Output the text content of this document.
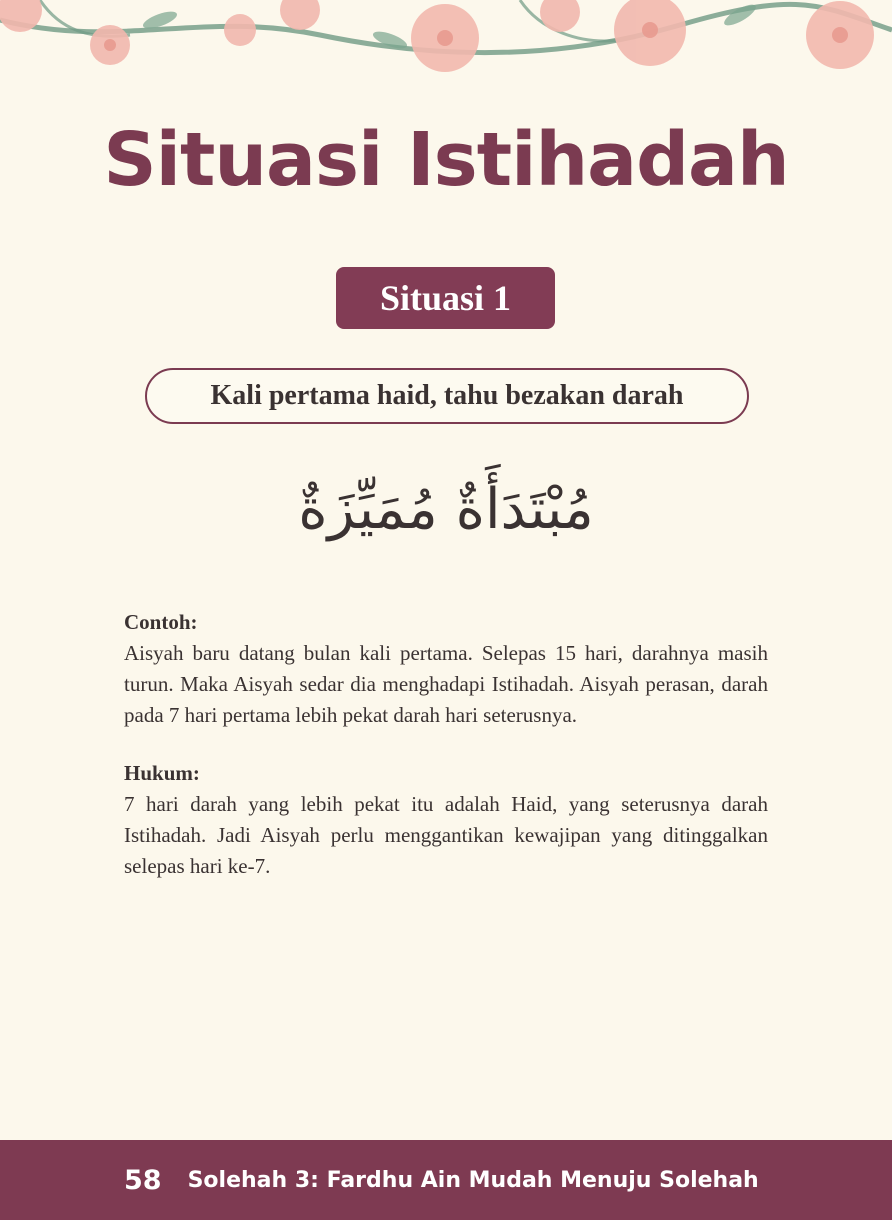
Situasi Istihadah
Situasi 1
Kali pertama haid, tahu bezakan darah
مُبْتَدَأَةٌ مُمَيِّزَةٌ
Contoh:
Aisyah baru datang bulan kali pertama. Selepas 15 hari, darahnya masih turun. Maka Aisyah sedar dia menghadapi Istihadah. Aisyah perasan, darah pada 7 hari pertama lebih pekat darah hari seterusnya.
Hukum:
7 hari darah yang lebih pekat itu adalah Haid, yang seterusnya darah Istihadah. Jadi Aisyah perlu menggantikan kewajipan yang ditinggalkan selepas hari ke-7.
58 Solehah 3: Fardhu Ain Mudah Menuju Solehah
